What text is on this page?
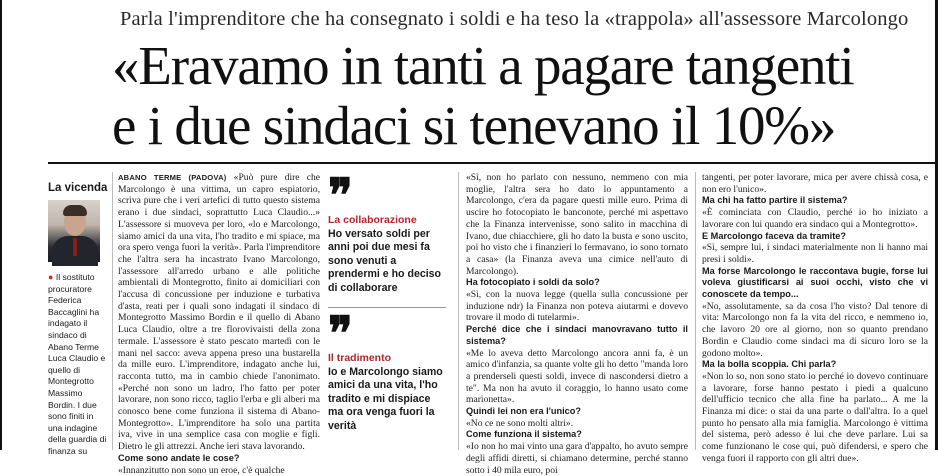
Parla l'imprenditore che ha consegnato i soldi e ha teso la «trappola» all'assessore Marcolongo
«Eravamo in tanti a pagare tangenti
e i due sindaci si tenevano il 10%»
La vicenda
● Il sostituto procuratore Federica Baccaglini ha indagato il sindaco di Abano Terme Luca Claudio e quello di Montegrotto Massimo Bordin. I due sono finiti in una indagine della guardia di finanza su

ABANO TERME (PADOVA) «Può pure dire che Marcolongo è una vittima, un capro espiatorio, scriva pure che i veri artefici di tutto questo sistema erano i due sindaci, soprattutto Luca Claudio...» L'assessore si muoveva per loro, «lo e Marcolongo, siamo amici da una vita, l'ho tradito e mi spiace, ma ora spero venga fuori la verità». Parla l'imprenditore che l'altra sera ha incastrato Ivano Marcolongo, l'assessore all'arredo urbano e alle politiche ambientali di Montegrotto, finito ai domiciliari con l'accusa di concussione per induzione e turbativa d'asta, reati per i quali sono indagati il sindaco di Montegrotto Massimo Bordin e il quello di Abano Luca Claudio, oltre a tre florovivaisti della zona termale. L'assessore è stato pescato martedì con le mani nel sacco: aveva appena preso una bustarella da mille euro. L'imprenditore, indagato anche lui, racconta tutto, ma in cambio chiede l'anonimato. «Perché non sono un ladro, l'ho fatto per poter lavorare, non sono ricco, taglio l'erba e gli alberi ma conosco bene come funziona il sistema di Abano-Montegrotto». L'imprenditore ha solo una partita iva, vive in una semplice casa con moglie e figli. Dietro le gli attrezzi. Anche ieri stava lavorando.

Come sono andate le cose?

«Innanzitutto non sono un eroe, c'è qualche

❞
La collaborazione
Ho versato soldi per anni poi due mesi fa sono venuti a prendermi e ho deciso di collaborare
❞
Il tradimento
Io e Marcolongo siamo amici da una vita, l'ho tradito e mi dispiace ma ora venga fuori la verità

«Sì, non ho parlato con nessuno, nemmeno con mia moglie, l'altra sera ho dato lo appuntamento a Marcolongo, c'era da pagare questi mille euro. Prima di uscire ho fotocopiato le banconote, perché mi aspettavo che la Finanza intervenisse, sono salito in macchina di Ivano, due chiacchiere, gli ho dato la busta e sono uscito, poi ho visto che i finanzieri lo fermavano, io sono tornato a casa» (la Finanza aveva una cimice nell'auto di Marcolongo).

Ha fotocopiato i soldi da solo?

«Sì, con la nuova legge (quella sulla concussione per induzione ndr) la Finanza non poteva aiutarmi e dovevo trovare il modo di tutelarmi».

Perché dice che i sindaci manovravano tutto il sistema?

«Me lo aveva detto Marcolongo ancora anni fa, è un amico d'infanzia, sa quante volte gli ho detto "manda loro a prenderseli questi soldi, invece di nascondersi dietro a te". Ma non ha avuto il coraggio, lo hanno usato come marionetta».

Quindi lei non era l'unico?

«No ce ne sono molti altri».

Come funziona il sistema?

«Io non ho mai vinto una gara d'appalto, ho avuto sempre degli affidi diretti, si chiamano determine, perché stanno sotto i 40 mila euro, poi

tangenti, per poter lavorare, mica per avere chissà cosa, e non ero l'unico».

Ma chi ha fatto partire il sistema?

«È cominciata con Claudio, perché io ho iniziato a lavorare con lui quando era sindaco qui a Montegrotto».

E Marcolongo faceva da tramite?

«Sì, sempre lui, i sindaci materialmente non li hanno mai presi i soldi».

Ma forse Marcolongo le raccontava bugie, forse lui voleva giustificarsi ai suoi occhi, visto che vi conoscete da tempo...

«No, assolutamente, sa da cosa l'ho visto? Dal tenore di vita: Marcolongo non fa la vita del ricco, e nemmeno io, che lavoro 20 ore al giorno, non so quanto prendano Bordin e Claudio come sindaci ma di sicuro loro se la godono molto».

Ma la bolla scoppia. Chi parla?

«Non lo so, non sono stato io perché io dovevo continuare a lavorare, forse hanno pestato i piedi a qualcuno dell'ufficio tecnico che alla fine ha parlato... A me la Finanza mi dice: o stai da una parte o dall'altra. Io a quel punto ho pensato alla mia famiglia. Marcolongo è vittima del sistema, però adesso è lui che deve parlare. Lui sa come funzionano le cose qui, può difendersi, e spero che venga fuori il rapporto con gli altri due».
